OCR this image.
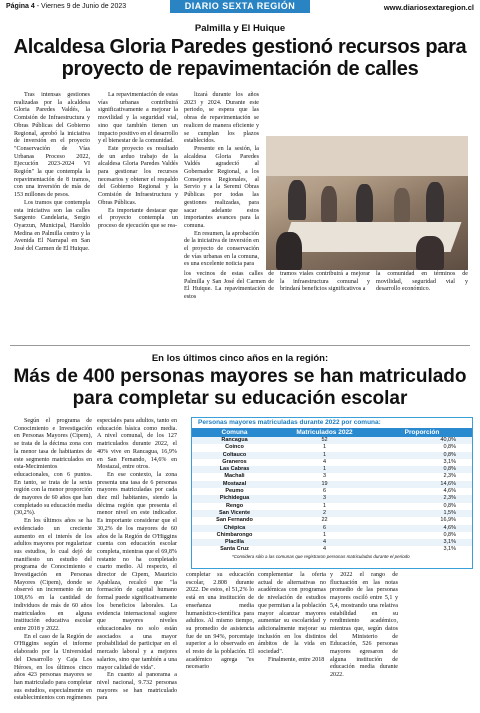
Página 4 - Viernes 9 de Junio de 2023	DIARIO SEXTA REGIÓN	www.diariosextaregion.cl
Palmilla y El Huique
Alcaldesa Gloria Paredes gestionó recursos para proyecto de repavimentación de calles

Tras intensas gestiones realizadas por la alcaldesa Gloria Paredes Valdés, la Comisión de Infraestructura y Obras Públicas del Gobierno Regional, aprobó la iniciativa de inversión en el proyecto "Conservación de Vías Urbanas Proceso 2022, Ejecución 2023-2024 VI Región" la que contempla la repavimentación de 8 tramos, con una inversión de más de 153 millones de pesos.

Los tramos que contempla esta iniciativa son las calles Sargento Candelaria, Sergio Oyarzun, Municipal, Haroldo Medina en Palmilla centro y la Avenida El Narrapal en San José del Carmen de El Huique.

La repavimentación de estas vías urbanas contribuirá significativamente a mejorar la movilidad y la seguridad vial, sino que también tienen un impacto positivo en el desarrollo y el bienestar de la comunidad.

Este proyecto es resultado de un arduo trabajo de la alcaldesa Gloria Paredes Valdés para gestionar los recursos necesarios y obtener el respaldo del Gobierno Regional y la Comisión de Infraestructura y Obras Públicas.

Es importante destacar que el proyecto contempla un proceso de ejecución que se rea-

lizará durante los años 2023 y 2024. Durante este periodo, se espera que las obras de repavimentación se realicen de manera eficiente y se cumplan los plazos establecidos.

Presente en la sesión, la alcaldesa Gloria Paredes Valdés agradeció al Gobernador Regional, a los Consejeros Regionales, al Servio y a la Seremi Obras Públicas por todas las gestiones realizadas, para sacar adelante estos importantes avances para la comuna.

En resumen, la aprobación de la iniciativa de inversión en el proyecto de conservación de vías urbanas en la comuna, es una excelente noticia para

los vecinos de estas calles de Palmilla y San José del Carmen de El Huique. La repavimentación de estos

tramos viales contribuirá a mejorar la infraestructura comunal y brindará beneficios significativos a

la comunidad en términos de movilidad, seguridad vial y desarrollo económico.

En los últimos cinco años en la región:
Más de 400 personas mayores se han matriculado para completar su educación escolar

Según el programa de Conocimiento e Investigación en Personas Mayores (Cipem), se trata de la décima zona con la menor tasa de habitantes de este segmento matriculados en esta-Mecimientos educacionales, con 6 puntos. En tanto, se trata de la sexta región con la menor proporción de mayores de 60 años que han completado su educación media (30,2%).

En los últimos años se ha evidenciado un creciente aumento en el interés de los adultos mayores por regularizar sus estudios, lo cual dejó de manifiesto un estudio del programa de Conocimiento e Investigación en Personas Mayores (Cipem), donde se observó un incremento de un 108,6% en la cantidad de individuos de más de 60 años matriculados en alguna institución educativa escolar entre 2018 y 2022.

En el caso de la Región de O'Higgins según el informe elaborado por la Universidad del Desarrollo y Caja Los Héroes, en los últimos cinco años 423 personas mayores se han matriculado para completar sus estudios, especialmente en establecimientos con regímenes

especiales para adultos, tanto en educación básica como media. A nivel comunal, de los 127 matriculados durante 2022, el 40% vive en Rancagua, 16,9% en San Fernando, 14,6% en Mostazal, entre otros.

En ese contexto, la zona presenta una tasa de 6 personas mayores matriculadas por cada diez mil habitantes, siendo la décima región que presenta el menor nivel en este indicador. Es importante considerar que el 30,2% de los mayores de 60 años de la Región de O'Higgins cuenta con educación escolar completa, mientras que el 69,8% restante no ha completado cuarto medio. Al respecto, el director de Cipem, Mauricio Apablaza, recalcó que "la formación de capital humano formal puede significativamente los beneficios laborales. La evidencia internacional sugiere que mayores niveles educacionales no solo están asociados a una mayor probabilidad de participar en el mercado laboral y a mejores salarios, sino que también a una mayor calidad de vida".

En cuanto al panorama a nivel nacional, 9.732 personas mayores se han matriculado para

Personas mayores matriculadas durante 2022 por comuna:
Comuna	Matriculados 2022	Proporción
Rancagua	52	40,0%
Coinco	1	0,8%
Coltauco	1	0,8%
Graneros	4	3,1%
Las Cabras	1	0,8%
Machali	3	2,3%
Mostazal	19	14,6%
Peumo	6	4,6%
Pichidegua	3	2,3%
Rengo	1	0,8%
San Vicente	2	1,5%
San Fernando	22	16,9%
Chépica	6	4,6%
Chimbarongo	1	0,8%
Placilla	4	3,1%
Santa Cruz	4	3,1%
*Considera sólo a las comunas que registraron personas matriculadas durante el periodo

completar su educación escolar, 2.808 durante 2022. De estos, el 51,2% lo está en una institución de enseñanza media humanístico-científica para adultos. Al mismo tiempo, su promedio de asistencia fue de un 94%, porcentaje superior a lo observado en el resto de la población. El académico agrega "es necesario

complementar la oferta actual de alternativas no académicas con programas de nivelación de estudios que permitan a la población mayor alcanzar mayores aumentar su escolaridad y adicionalmente mejorar su inclusión en los distintos ámbitos de la vida en sociedad".

Finalmente, entre 2018

y 2022 el rango de fluctuación en las notas promedio de las personas mayores osciló entre 5,1 y 5,4, mostrando una relativa estabilidad en su rendimiento académico, mientras que, según datos del Ministerio de Educación, 526 personas mayores egresaron de alguna institución de educación media durante 2022.
